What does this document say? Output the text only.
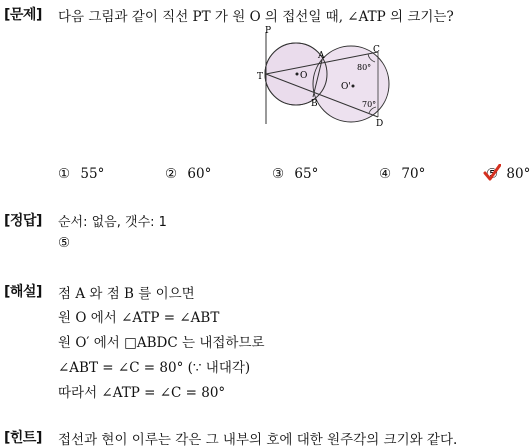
[문제] 다음 그림과 같이 직선 PT 가 원 O 의 접선일 때, ∠ATP 의 크기는?
P
T
A
B
C
D
O
O'
80°
70°
① 55°	② 60°	③ 65°	④ 70°	⑤ 80°
[정답] 순서: 없음, 갯수: 1
⑤
[해설] 점 A 와 점 B 를 이으면
원 O 에서 ∠ATP = ∠ABT
원 O′ 에서 □ABDC 는 내접하므로
∠ABT = ∠C = 80° (∵ 내대각)
따라서 ∠ATP = ∠C = 80°
[힌트] 접선과 현이 이루는 각은 그 내부의 호에 대한 원주각의 크기와 같다.
